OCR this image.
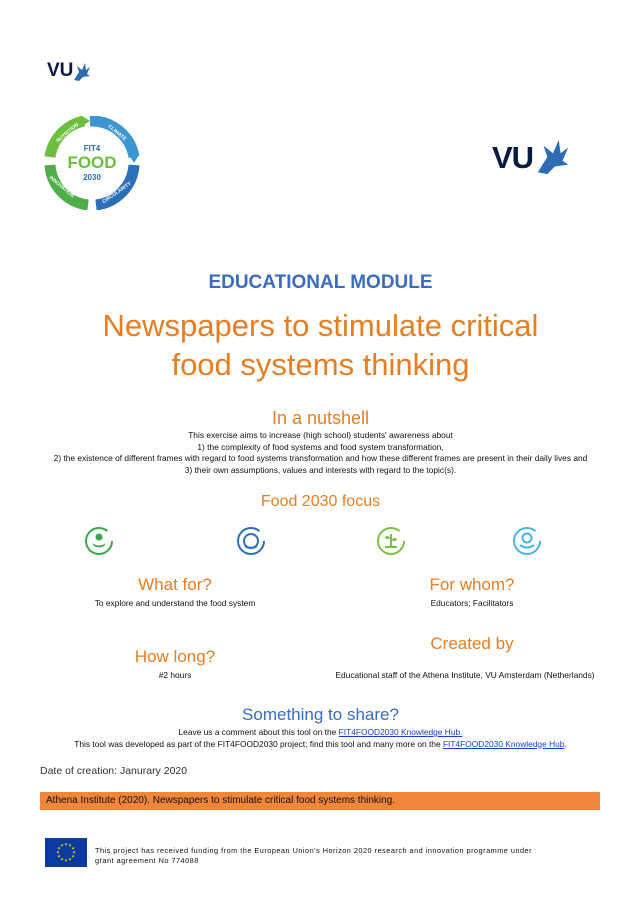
VU
FIT4
FOOD
2030
NUTRITION	CLIMATE
CIRCULARITY
INNOVATION
VU
EDUCATIONAL MODULE
Newspapers to stimulate critical
food systems thinking
In a nutshell
This exercise aims to increase (high school) students' awareness about
1) the complexity of food systems and food system transformation,
2) the existence of different frames with regard to food systems transformation and how these different frames are present in their daily lives and
3) their own assumptions, values and interests with regard to the topic(s).
Food 2030 focus
What for?
To explore and understand the food system
For whom?
Educators; Facilitators
Created by
Educational staff of the Athena Institute, VU Amsterdam (Netherlands)
How long?
#2 hours
Something to share?
Leave us a comment about this tool on the FIT4FOOD2030 Knowledge Hub.
This tool was developed as part of the FIT4FOOD2030 project; find this tool and many more on the FIT4FOOD2030 Knowledge Hub.
Date of creation: Janurary 2020
Athena Institute (2020). Newspapers to stimulate critical food systems thinking.
★ ★
★
★
★
★
★
★
★
★
★
★
This project has received funding from the European Union's Horizon 2020 research and innovation programme under
grant agreement No 774088
